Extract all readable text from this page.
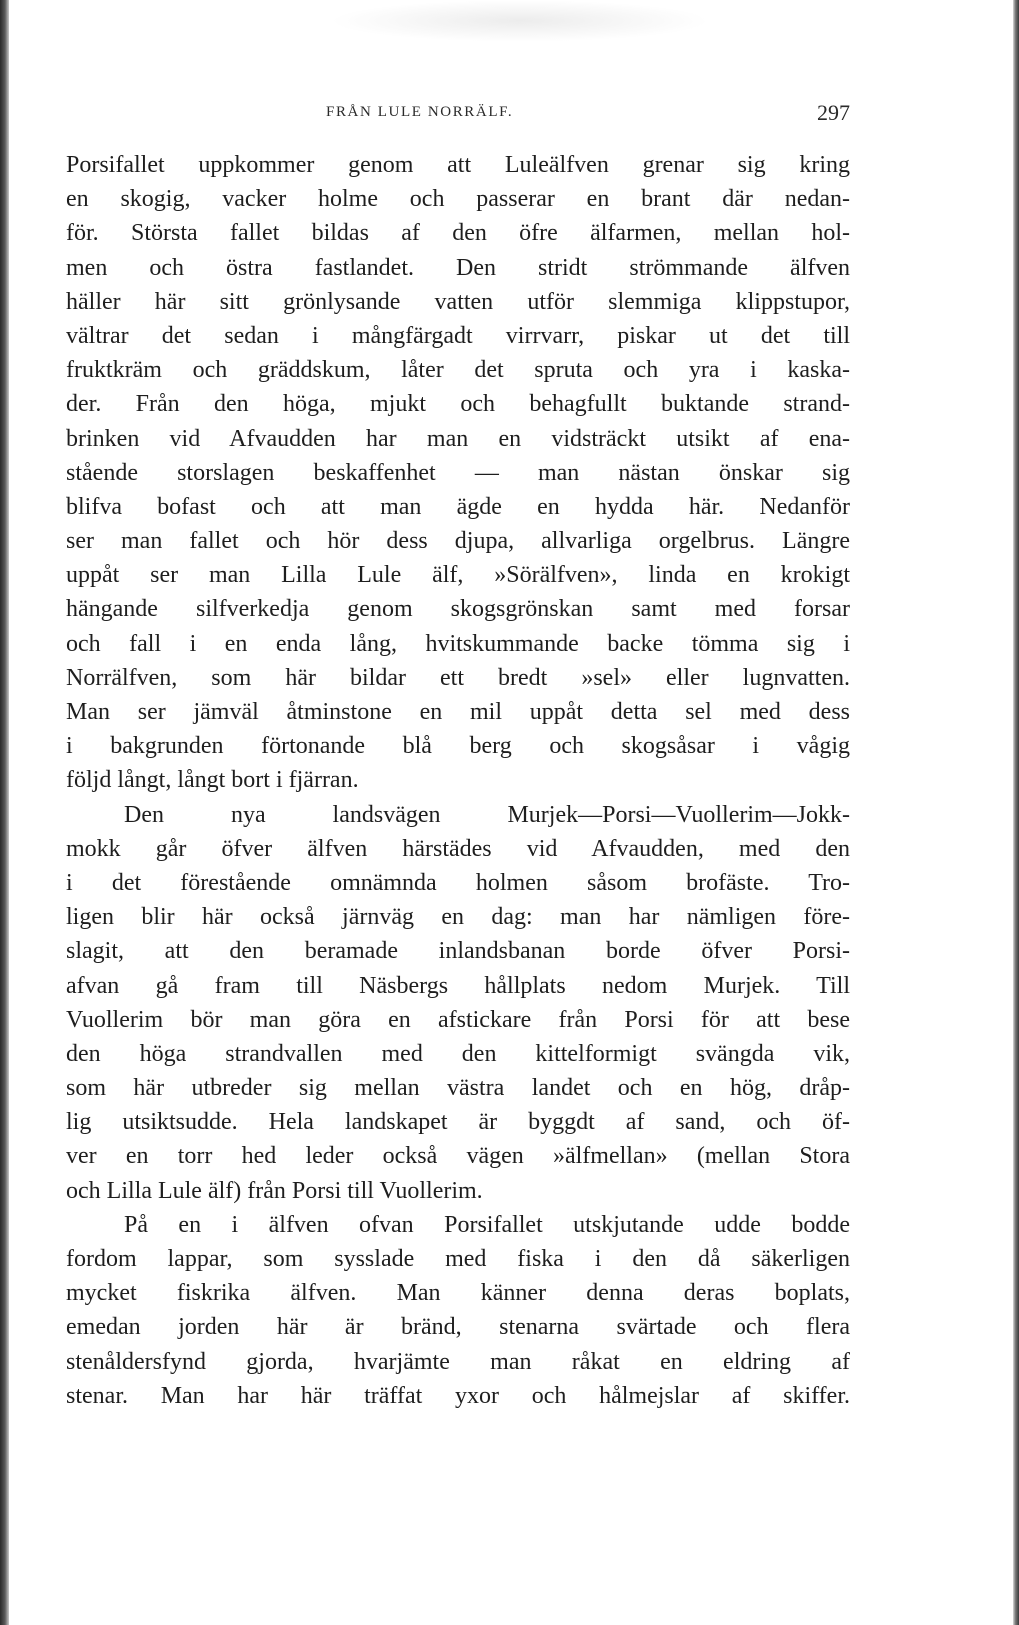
FRÅN LULE NORRÄLF.	297
Porsifallet uppkommer genom att Luleälfven grenar sig kring
en skogig, vacker holme och passerar en brant där nedan-
för. Största fallet bildas af den öfre älfarmen, mellan hol-
men och östra fastlandet. Den stridt strömmande älfven
häller här sitt grönlysande vatten utför slemmiga klippstupor,
vältrar det sedan i mångfärgadt virrvarr, piskar ut det till
fruktkräm och gräddskum, låter det spruta och yra i kaska-
der. Från den höga, mjukt och behagfullt buktande strand-
brinken vid Afvaudden har man en vidsträckt utsikt af ena-
stående storslagen beskaffenhet — man nästan önskar sig
blifva bofast och att man ägde en hydda här. Nedanför
ser man fallet och hör dess djupa, allvarliga orgelbrus. Längre
uppåt ser man Lilla Lule älf, »Sörälfven», linda en krokigt
hängande silfverkedja genom skogsgrönskan samt med forsar
och fall i en enda lång, hvitskummande backe tömma sig i
Norrälfven, som här bildar ett bredt »sel» eller lugnvatten.
Man ser jämväl åtminstone en mil uppåt detta sel med dess
i bakgrunden förtonande blå berg och skogsåsar i vågig
följd långt, långt bort i fjärran.
Den nya landsvägen Murjek—Porsi—Vuollerim—Jokk-
mokk går öfver älfven härstädes vid Afvaudden, med den
i det förestående omnämnda holmen såsom brofäste. Tro-
ligen blir här också järnväg en dag: man har nämligen före-
slagit, att den beramade inlandsbanan borde öfver Porsi-
afvan gå fram till Näsbergs hållplats nedom Murjek. Till
Vuollerim bör man göra en afstickare från Porsi för att bese
den höga strandvallen med den kittelformigt svängda vik,
som här utbreder sig mellan västra landet och en hög, dråp-
lig utsiktsudde. Hela landskapet är byggdt af sand, och öf-
ver en torr hed leder också vägen »älfmellan» (mellan Stora
och Lilla Lule älf) från Porsi till Vuollerim.
På en i älfven ofvan Porsifallet utskjutande udde bodde
fordom lappar, som sysslade med fiska i den då säkerligen
mycket fiskrika älfven. Man känner denna deras boplats,
emedan jorden här är bränd, stenarna svärtade och flera
stenåldersfynd gjorda, hvarjämte man råkat en eldring af
stenar. Man har här träffat yxor och hålmejslar af skiffer.
